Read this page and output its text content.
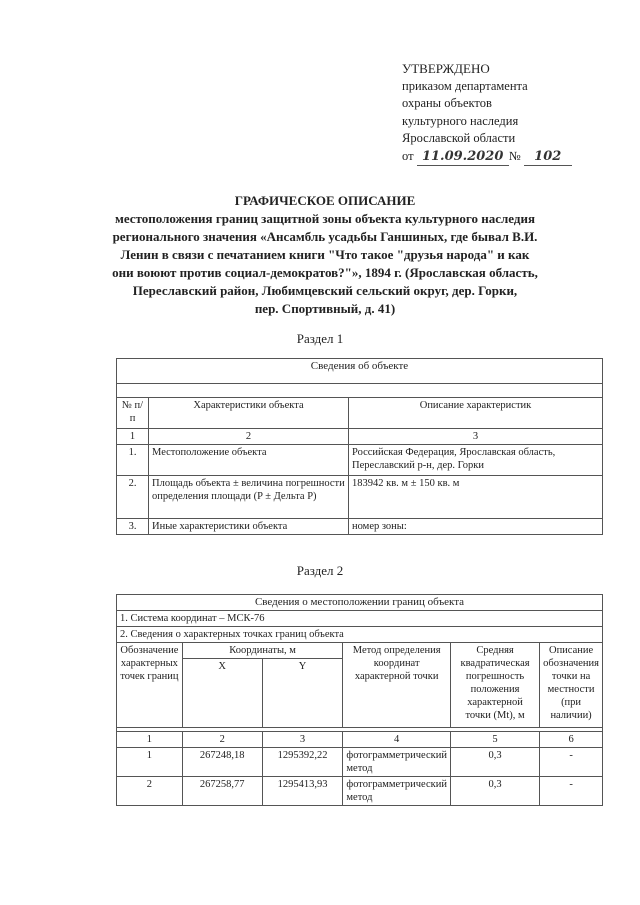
УТВЕРЖДЕНО
приказом департамента
охраны объектов
культурного наследия
Ярославской области
от 11.09.2020 № 102
ГРАФИЧЕСКОЕ ОПИСАНИЕ
местоположения границ защитной зоны объекта культурного наследия
регионального значения «Ансамбль усадьбы Ганшиных, где бывал В.И.
Ленин в связи с печатанием книги "Что такое "друзья народа" и как
они воюют против социал-демократов?"», 1894 г. (Ярославская область,
Переславский район, Любимцевский сельский округ, дер. Горки,
пер. Спортивный, д. 41)
Раздел 1
Сведения об объекте		

№ п/п	Характеристики объекта	Описание характеристик
1	2	3
1.	Местоположение объекта	Российская Федерация, Ярославская область, Переславский р-н, дер. Горки
2.	Площадь объекта ± величина погрешности определения площади (P ± Дельта P)	183942 кв. м ± 150 кв. м
3.	Иные характеристики объекта	номер зоны:
Раздел 2
Сведения о местоположении границ объекта					
1. Система координат – МСК-76					
2. Сведения о характерных точках границ объекта					
Обозначение характерных точек границ	Координаты, м		Метод определения координат характерной точки	Средняя квадратическая погрешность положения характерной точки (Mt), м	Описание обозначения точки на местности (при наличии)
	X	Y			

1	2	3	4	5	6
1	267248,18	1295392,22	фотограмметрический метод	0,3	-
2	267258,77	1295413,93	фотограмметрический метод	0,3	-
